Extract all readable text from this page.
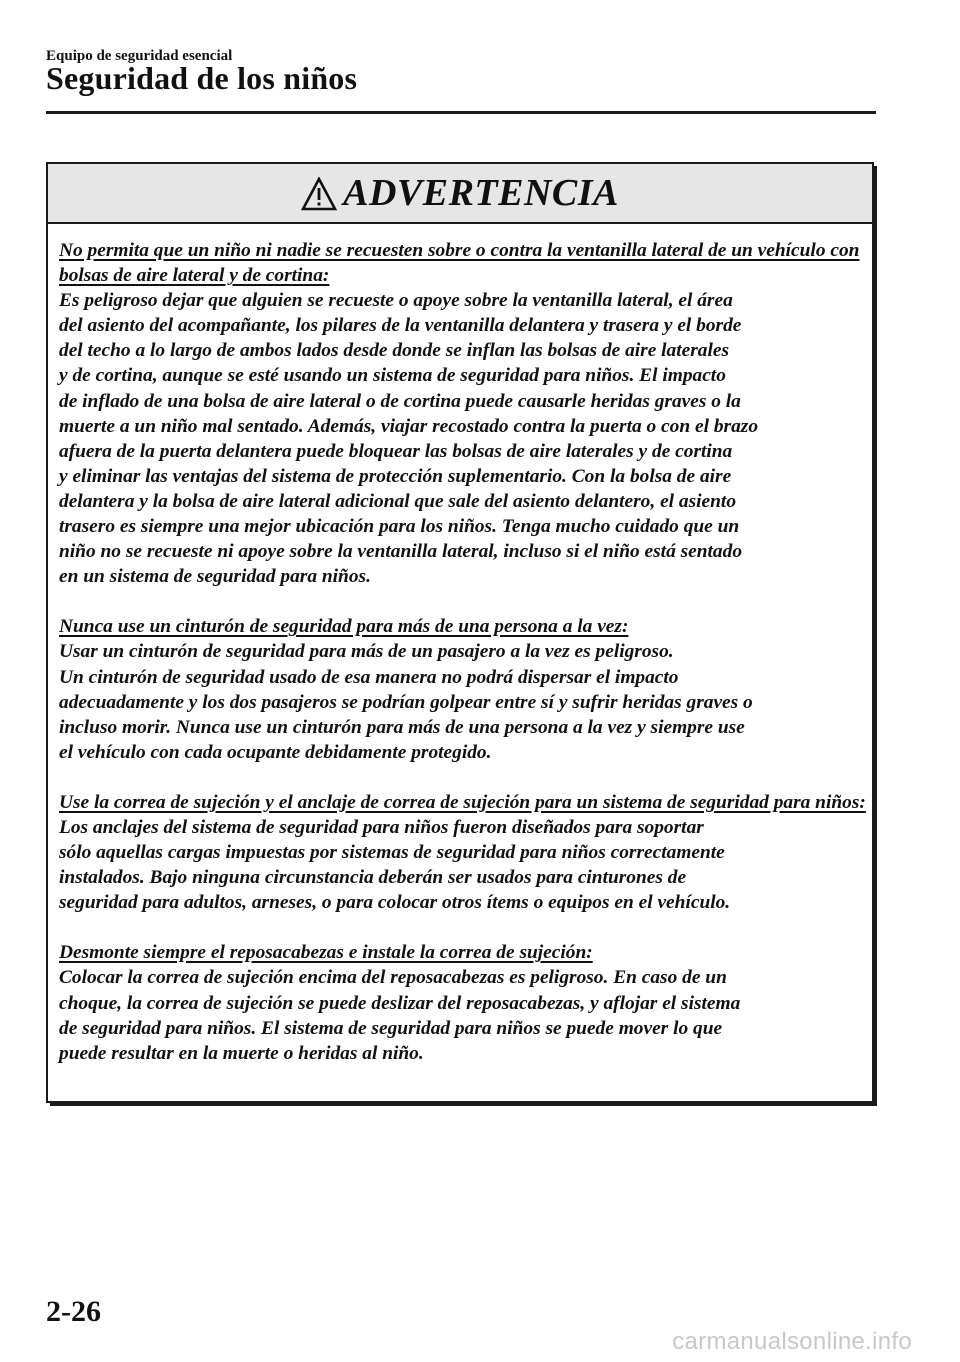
Equipo de seguridad esencial
Seguridad de los niños
ADVERTENCIA
No permita que un niño ni nadie se recuesten sobre o contra la ventanilla lateral de un vehículo con bolsas de aire lateral y de cortina:
Es peligroso dejar que alguien se recueste o apoye sobre la ventanilla lateral, el área
del asiento del acompañante, los pilares de la ventanilla delantera y trasera y el borde
del techo a lo largo de ambos lados desde donde se inflan las bolsas de aire laterales
y de cortina, aunque se esté usando un sistema de seguridad para niños. El impacto
de inflado de una bolsa de aire lateral o de cortina puede causarle heridas graves o la
muerte a un niño mal sentado. Además, viajar recostado contra la puerta o con el brazo
afuera de la puerta delantera puede bloquear las bolsas de aire laterales y de cortina
y eliminar las ventajas del sistema de protección suplementario. Con la bolsa de aire
delantera y la bolsa de aire lateral adicional que sale del asiento delantero, el asiento
trasero es siempre una mejor ubicación para los niños. Tenga mucho cuidado que un
niño no se recueste ni apoye sobre la ventanilla lateral, incluso si el niño está sentado
en un sistema de seguridad para niños.
Nunca use un cinturón de seguridad para más de una persona a la vez:
Usar un cinturón de seguridad para más de un pasajero a la vez es peligroso.
Un cinturón de seguridad usado de esa manera no podrá dispersar el impacto
adecuadamente y los dos pasajeros se podrían golpear entre sí y sufrir heridas graves o
incluso morir. Nunca use un cinturón para más de una persona a la vez y siempre use
el vehículo con cada ocupante debidamente protegido.
Use la correa de sujeción y el anclaje de correa de sujeción para un sistema de seguridad para niños:
Los anclajes del sistema de seguridad para niños fueron diseñados para soportar
sólo aquellas cargas impuestas por sistemas de seguridad para niños correctamente
instalados. Bajo ninguna circunstancia deberán ser usados para cinturones de
seguridad para adultos, arneses, o para colocar otros ítems o equipos en el vehículo.
Desmonte siempre el reposacabezas e instale la correa de sujeción:
Colocar la correa de sujeción encima del reposacabezas es peligroso. En caso de un
choque, la correa de sujeción se puede deslizar del reposacabezas, y aflojar el sistema
de seguridad para niños. El sistema de seguridad para niños se puede mover lo que
puede resultar en la muerte o heridas al niño.
2-26
carmanualsonline.info
